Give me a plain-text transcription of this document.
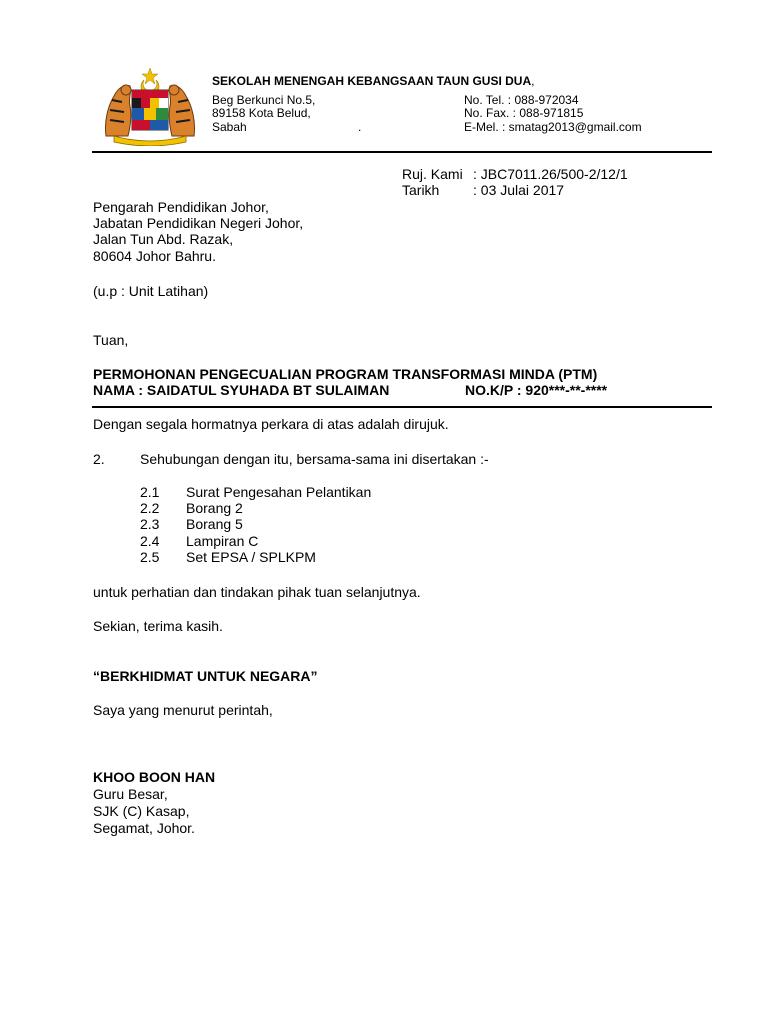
SEKOLAH MENENGAH KEBANGSAAN TAUN GUSI DUA,
Beg Berkunci No.5,
89158 Kota Belud,
Sabah	.
No. Tel. : 088-972034
No. Fax. : 088-971815
E-Mel. : smatag2013@gmail.com
Ruj. Kami : JBC7011.26/500-2/12/1
Tarikh : 03 Julai 2017
Pengarah Pendidikan Johor,
Jabatan Pendidikan Negeri Johor,
Jalan Tun Abd. Razak,
80604 Johor Bahru.
(u.p : Unit Latihan)
Tuan,
PERMOHONAN PENGECUALIAN PROGRAM TRANSFORMASI MINDA (PTM)
NAMA : SAIDATUL SYUHADA BT SULAIMAN	NO.K/P : 920***-**-****
Dengan segala hormatnya perkara di atas adalah dirujuk.
2.	Sehubungan dengan itu, bersama-sama ini disertakan :-
2.1 Surat Pengesahan Pelantikan
2.2 Borang 2
2.3 Borang 5
2.4 Lampiran C
2.5 Set EPSA / SPLKPM
untuk perhatian dan tindakan pihak tuan selanjutnya.
Sekian, terima kasih.
“BERKHIDMAT UNTUK NEGARA”
Saya yang menurut perintah,
KHOO BOON HAN
Guru Besar,
SJK (C) Kasap,
Segamat, Johor.
